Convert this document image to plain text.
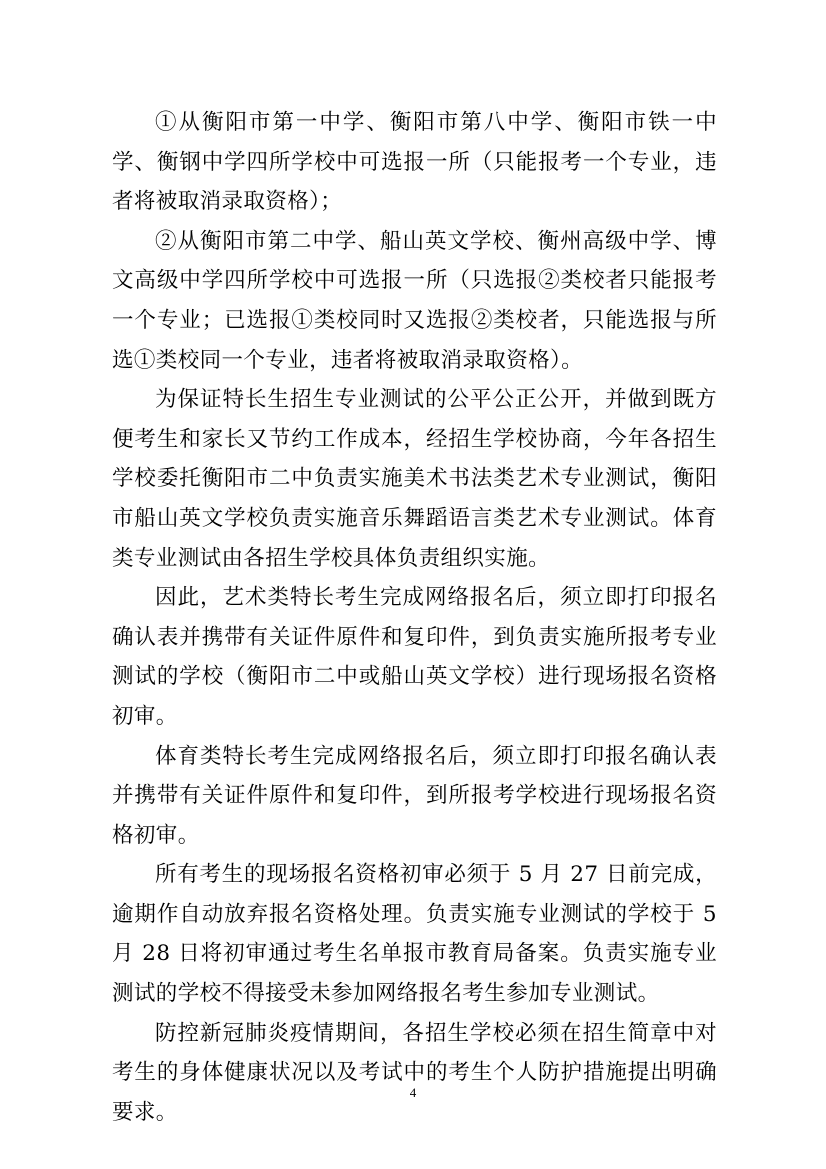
①从衡阳市第一中学、衡阳市第八中学、衡阳市铁一中学、衡钢中学四所学校中可选报一所（只能报考一个专业，违者将被取消录取资格）；

②从衡阳市第二中学、船山英文学校、衡州高级中学、博文高级中学四所学校中可选报一所（只选报②类校者只能报考一个专业；已选报①类校同时又选报②类校者，只能选报与所选①类校同一个专业，违者将被取消录取资格）。

为保证特长生招生专业测试的公平公正公开，并做到既方便考生和家长又节约工作成本，经招生学校协商，今年各招生学校委托衡阳市二中负责实施美术书法类艺术专业测试，衡阳市船山英文学校负责实施音乐舞蹈语言类艺术专业测试。体育类专业测试由各招生学校具体负责组织实施。

因此，艺术类特长考生完成网络报名后，须立即打印报名确认表并携带有关证件原件和复印件，到负责实施所报考专业测试的学校（衡阳市二中或船山英文学校）进行现场报名资格初审。

体育类特长考生完成网络报名后，须立即打印报名确认表并携带有关证件原件和复印件，到所报考学校进行现场报名资格初审。

所有考生的现场报名资格初审必须于 5 月 27 日前完成，逾期作自动放弃报名资格处理。负责实施专业测试的学校于 5 月 28 日将初审通过考生名单报市教育局备案。负责实施专业测试的学校不得接受未参加网络报名考生参加专业测试。

防控新冠肺炎疫情期间，各招生学校必须在招生简章中对考生的身体健康状况以及考试中的考生个人防护措施提出明确要求。

4
